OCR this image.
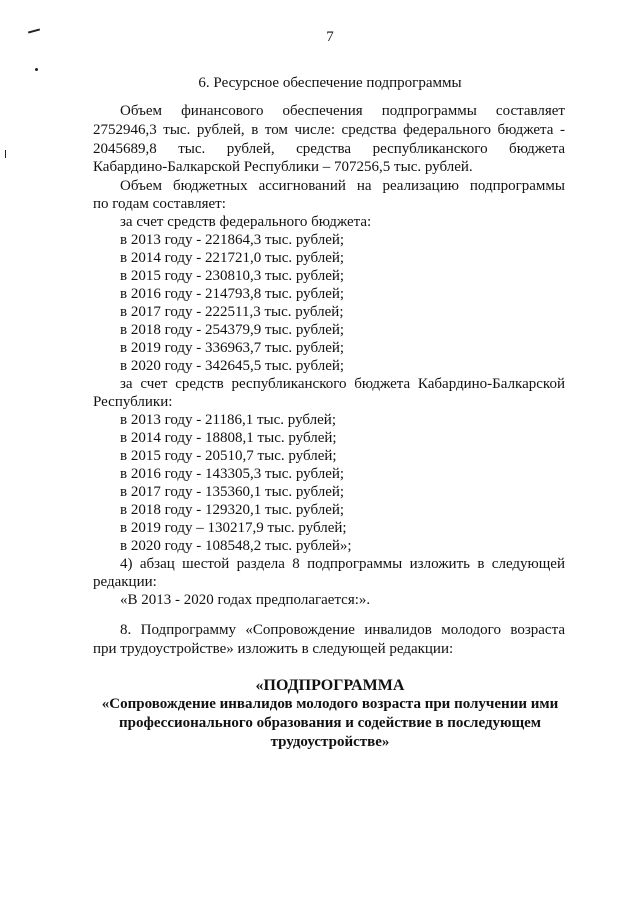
7
6. Ресурсное обеспечение подпрограммы
Объем финансового обеспечения подпрограммы составляет
2752946,3 тыс. рублей, в том числе: средства федерального бюджета -
2045689,8 тыс. рублей, средства республиканского бюджета
Кабардино-Балкарской Республики – 707256,5 тыс. рублей.
Объем бюджетных ассигнований на реализацию подпрограммы
по годам составляет:
за счет средств федерального бюджета:
в 2013 году - 221864,3 тыс. рублей;
в 2014 году - 221721,0 тыс. рублей;
в 2015 году - 230810,3 тыс. рублей;
в 2016 году - 214793,8 тыс. рублей;
в 2017 году - 222511,3 тыс. рублей;
в 2018 году - 254379,9 тыс. рублей;
в 2019 году - 336963,7 тыс. рублей;
в 2020 году - 342645,5 тыс. рублей;
за счет средств республиканского бюджета Кабардино-Балкарской
Республики:
в 2013 году - 21186,1 тыс. рублей;
в 2014 году - 18808,1 тыс. рублей;
в 2015 году - 20510,7 тыс. рублей;
в 2016 году - 143305,3 тыс. рублей;
в 2017 году - 135360,1 тыс. рублей;
в 2018 году - 129320,1 тыс. рублей;
в 2019 году – 130217,9 тыс. рублей;
в 2020 году - 108548,2 тыс. рублей»;
4) абзац шестой раздела 8 подпрограммы изложить в следующей
редакции:
«В 2013 - 2020 годах предполагается:».
8. Подпрограмму «Сопровождение инвалидов молодого возраста
при трудоустройстве» изложить в следующей редакции:
«ПОДПРОГРАММА
«Сопровождение инвалидов молодого возраста при получении ими
профессионального образования и содействие в последующем
трудоустройстве»
